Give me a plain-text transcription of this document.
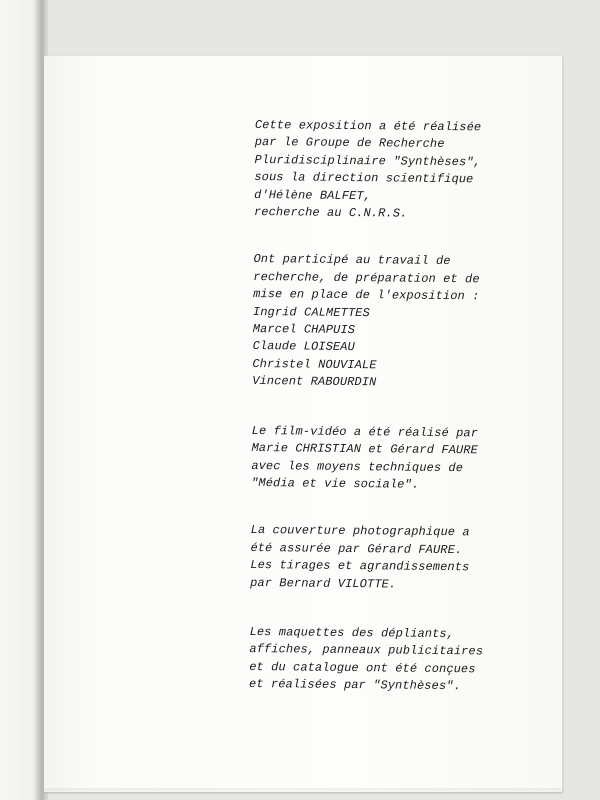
Cette exposition a été réalisée
par le Groupe de Recherche
Pluridisciplinaire "Synthèses",
sous la direction scientifique
d'Hélène BALFET,
recherche au C.N.R.S.

Ont participé au travail de
recherche, de préparation et de
mise en place de l'exposition :
Ingrid CALMETTES
Marcel CHAPUIS
Claude LOISEAU
Christel NOUVIALE
Vincent RABOURDIN

Le film-vidéo a été réalisé par
Marie CHRISTIAN et Gérard FAURE
avec les moyens techniques de
"Média et vie sociale".

La couverture photographique a
été assurée par Gérard FAURE.
Les tirages et agrandissements
par Bernard VILOTTE.

Les maquettes des dépliants,
affiches, panneaux publicitaires
et du catalogue ont été conçues
et réalisées par "Synthèses".
